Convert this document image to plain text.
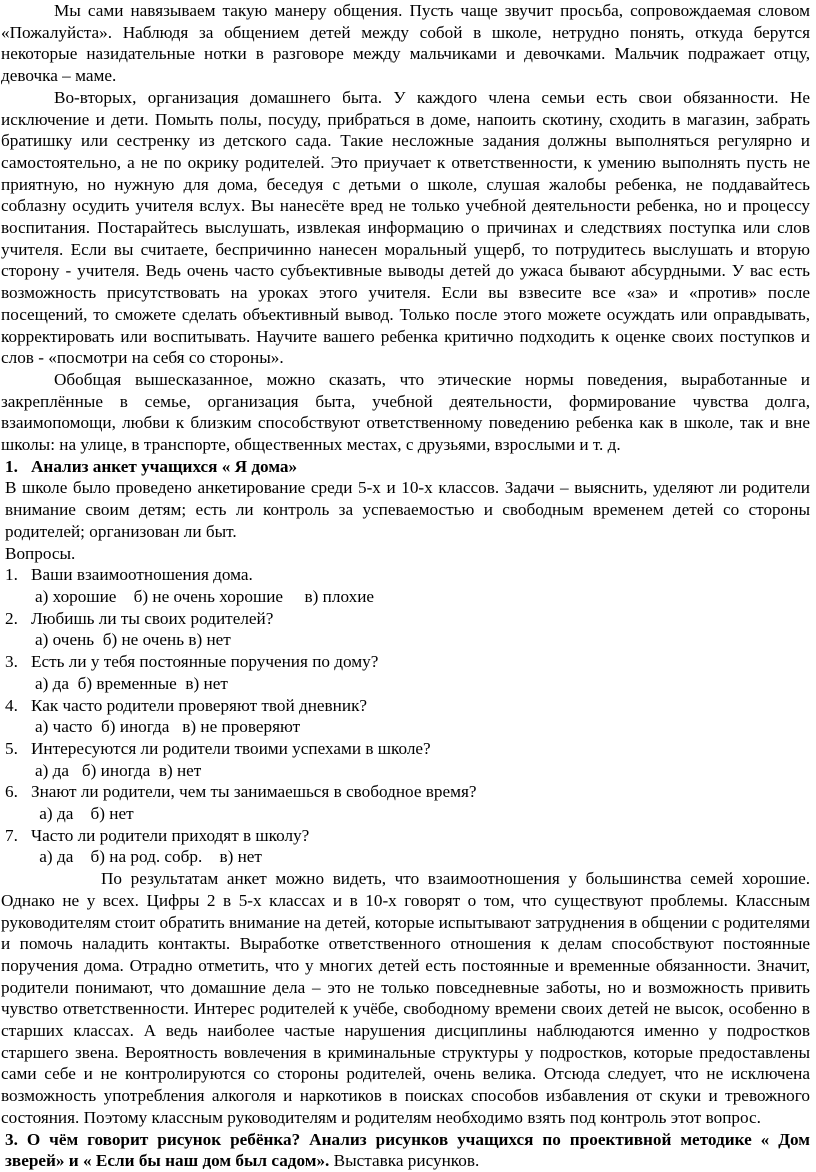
Мы сами навязываем такую манеру общения. Пусть чаще звучит просьба, сопровождаемая словом «Пожалуйста». Наблюдя за общением детей между собой в школе, нетрудно понять, откуда берутся некоторые назидательные нотки в разговоре между мальчиками и девочками. Мальчик подражает отцу, девочка – маме.

Во-вторых, организация домашнего быта. У каждого члена семьи есть свои обязанности. Не исключение и дети. Помыть полы, посуду, прибраться в доме, напоить скотину, сходить в магазин, забрать братишку или сестренку из детского сада. Такие несложные задания должны выполняться регулярно и самостоятельно, а не по окрику родителей. Это приучает к ответственности, к умению выполнять пусть не приятную, но нужную для дома, беседуя с детьми о школе, слушая жалобы ребенка, не поддавайтесь соблазну осудить учителя вслух. Вы нанесёте вред не только учебной деятельности ребенка, но и процессу воспитания. Постарайтесь выслушать, извлекая информацию о причинах и следствиях поступка или слов учителя. Если вы считаете, беспричинно нанесен моральный ущерб, то потрудитесь выслушать и вторую сторону - учителя. Ведь очень часто субъективные выводы детей до ужаса бывают абсурдными. У вас есть возможность присутствовать на уроках этого учителя. Если вы взвесите все «за» и «против» после посещений, то сможете сделать объективный вывод. Только после этого можете осуждать или оправдывать, корректировать или воспитывать. Научите вашего ребенка критично подходить к оценке своих поступков и слов - «посмотри на себя со стороны».

Обобщая вышесказанное, можно сказать, что этические нормы поведения, выработанные и закреплённые в семье, организация быта, учебной деятельности, формирование чувства долга, взаимопомощи, любви к близким способствуют ответственному поведению ребенка как в школе, так и вне школы: на улице, в транспорте, общественных местах, с друзьями, взрослыми и т. д.

1. Анализ анкет учащихся « Я дома»

В школе было проведено анкетирование среди 5-х и 10-х классов. Задачи – выяснить, уделяют ли родители внимание своим детям; есть ли контроль за успеваемостью и свободным временем детей со стороны родителей; организован ли быт.

Вопросы.
1. Ваши взаимоотношения дома.
а) хорошие    б) не очень хорошие     в) плохие
2. Любишь ли ты своих родителей?
а) очень  б) не очень в) нет
3. Есть ли у тебя постоянные поручения по дому?
а) да  б) временные  в) нет
4. Как часто родители проверяют твой дневник?
а) часто  б) иногда   в) не проверяют
5. Интересуются ли родители твоими успехами в школе?
а) да   б) иногда  в) нет
6. Знают ли родители, чем ты занимаешься в свободное время?
а) да    б) нет
7. Часто ли родители приходят в школу?
а) да    б) на род. собр.    в) нет

По результатам анкет можно видеть, что взаимоотношения у большинства семей хорошие. Однако не у всех. Цифры 2 в 5-х классах и в 10-х говорят о том, что существуют проблемы. Классным руководителям стоит обратить внимание на детей, которые испытывают затруднения в общении с родителями и помочь наладить контакты. Выработке ответственного отношения к делам способствуют постоянные поручения дома. Отрадно отметить, что у многих детей есть постоянные и временные обязанности. Значит, родители понимают, что домашние дела – это не только повседневные заботы, но и возможность привить чувство ответственности. Интерес родителей к учёбе, свободному времени своих детей не высок, особенно в старших классах. А ведь наиболее частые нарушения дисциплины наблюдаются именно у подростков старшего звена. Вероятность вовлечения в криминальные структуры у подростков, которые предоставлены сами себе и не контролируются со стороны родителей, очень велика. Отсюда следует, что не исключена возможность употребления алкоголя и наркотиков в поисках способов избавления от скуки и тревожного состояния. Поэтому классным руководителям и родителям необходимо взять под контроль этот вопрос.

3. О чём говорит рисунок ребёнка? Анализ рисунков учащихся по проективной методике « Дом зверей» и « Если бы наш дом был садом». Выставка рисунков.
